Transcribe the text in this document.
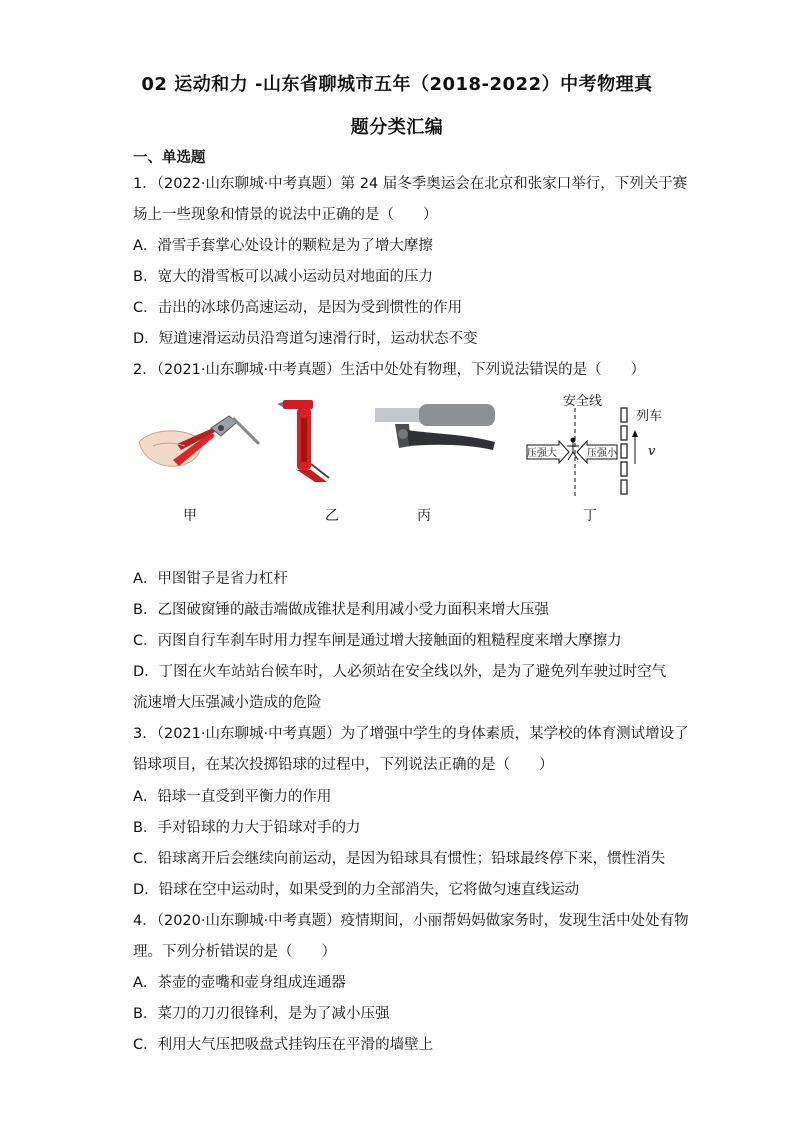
02 运动和力 -山东省聊城市五年（2018-2022）中考物理真
题分类汇编
一、单选题
1．（2022·山东聊城·中考真题）第 24 届冬季奥运会在北京和张家口举行，下列关于赛
场上一些现象和情景的说法中正确的是（　　）
A．滑雪手套掌心处设计的颗粒是为了增大摩擦
B．宽大的滑雪板可以减小运动员对地面的压力
C．击出的冰球仍高速运动，是因为受到惯性的作用
D．短道速滑运动员沿弯道匀速滑行时，运动状态不变
2．（2021·山东聊城·中考真题）生活中处处有物理，下列说法错误的是（　　）
安全线
列车
压强大	压强小 v
甲	乙	丙	丁
A．甲图钳子是省力杠杆
B．乙图破窗锤的敲击端做成锥状是利用减小受力面积来增大压强
C．丙图自行车刹车时用力捏车闸是通过增大接触面的粗糙程度来增大摩擦力
D．丁图在火车站站台候车时，人必须站在安全线以外，是为了避免列车驶过时空气
流速增大压强减小造成的危险
3．（2021·山东聊城·中考真题）为了增强中学生的身体素质，某学校的体育测试增设了
铅球项目，在某次投掷铅球的过程中，下列说法正确的是（　　）
A．铅球一直受到平衡力的作用
B．手对铅球的力大于铅球对手的力
C．铅球离开后会继续向前运动，是因为铅球具有惯性；铅球最终停下来，惯性消失
D．铅球在空中运动时，如果受到的力全部消失，它将做匀速直线运动
4．（2020·山东聊城·中考真题）疫情期间，小丽帮妈妈做家务时，发现生活中处处有物
理。下列分析错误的是（　　）
A．茶壶的壶嘴和壶身组成连通器
B．菜刀的刀刃很锋利，是为了减小压强
C．利用大气压把吸盘式挂钩压在平滑的墙壁上
